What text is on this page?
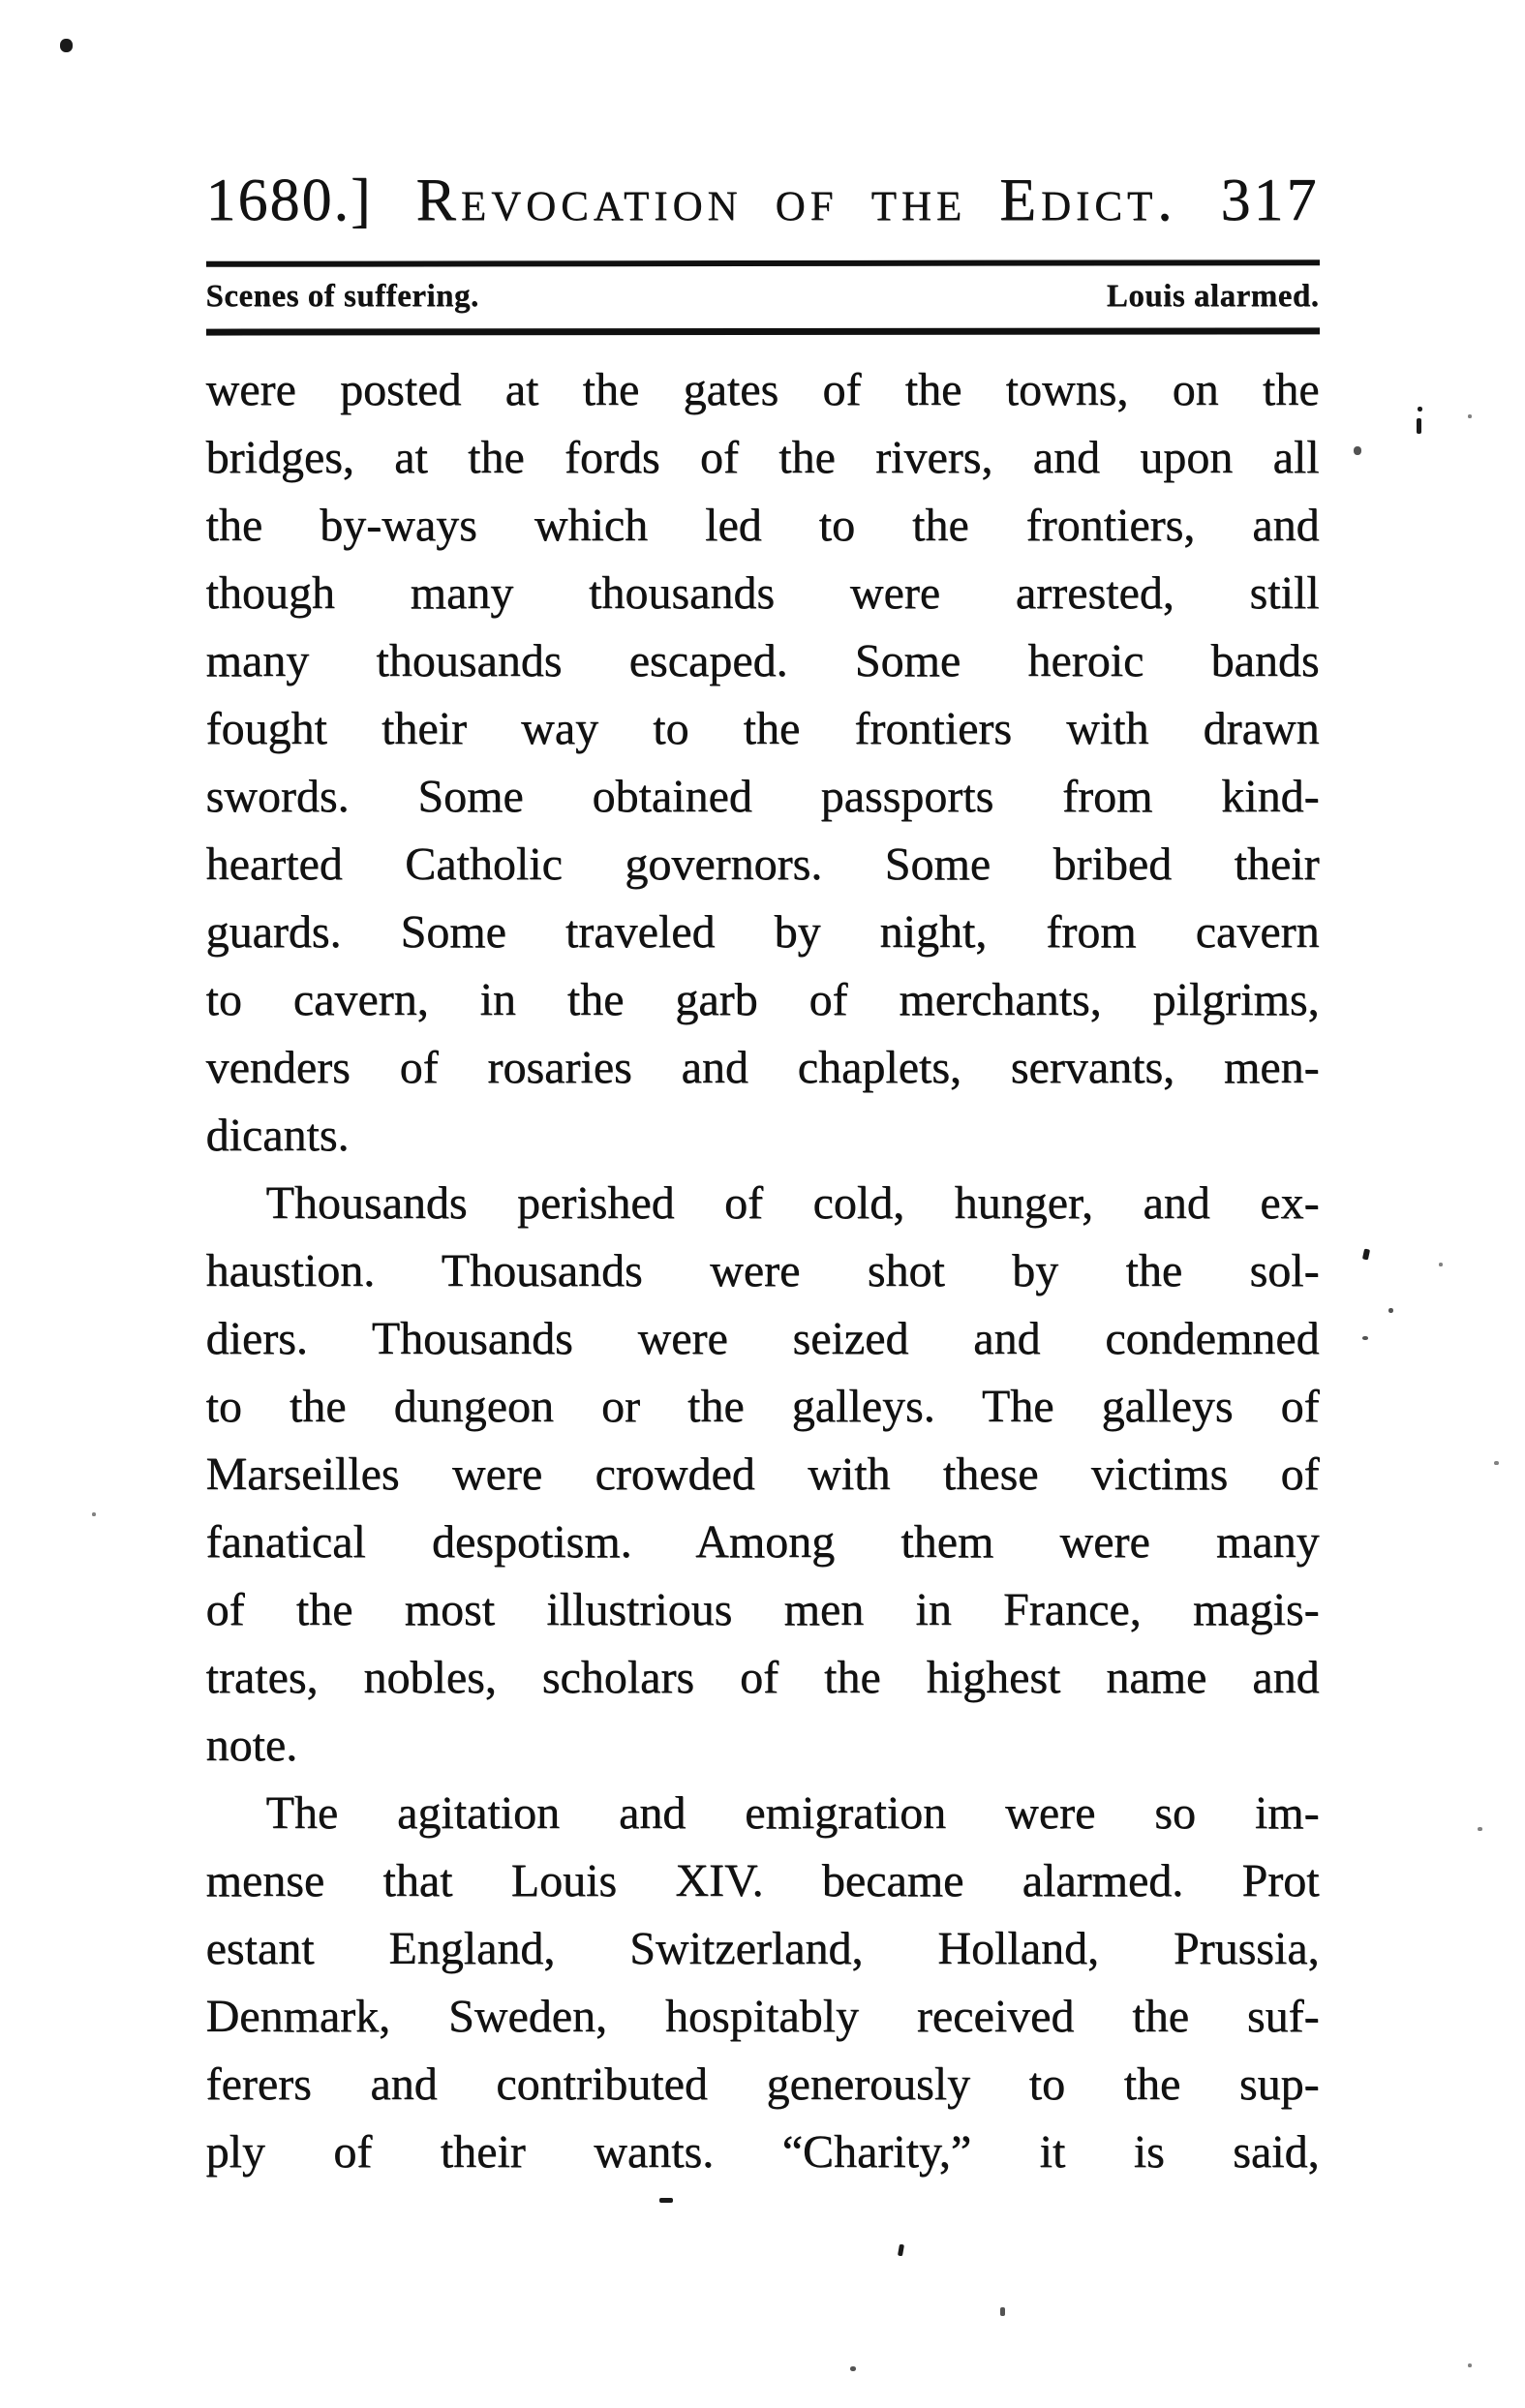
1680.] Revocation of the Edict. 317
Scenes of suffering.	Louis alarmed.
were posted at the gates of the towns, on the
bridges, at the fords of the rivers, and upon all
the by-ways which led to the frontiers, and
though many thousands were arrested, still
many thousands escaped. Some heroic bands
fought their way to the frontiers with drawn
swords. Some obtained passports from kind-
hearted Catholic governors. Some bribed their
guards. Some traveled by night, from cavern
to cavern, in the garb of merchants, pilgrims,
venders of rosaries and chaplets, servants, men-
dicants.
Thousands perished of cold, hunger, and ex-
haustion. Thousands were shot by the sol-
diers. Thousands were seized and condemned
to the dungeon or the galleys. The galleys of
Marseilles were crowded with these victims of
fanatical despotism. Among them were many
of the most illustrious men in France, magis-
trates, nobles, scholars of the highest name and
note.
The agitation and emigration were so im-
mense that Louis XIV. became alarmed. Prot
estant England, Switzerland, Holland, Prussia,
Denmark, Sweden, hospitably received the suf-
ferers and contributed generously to the sup-
ply of their wants. “Charity,” it is said,
